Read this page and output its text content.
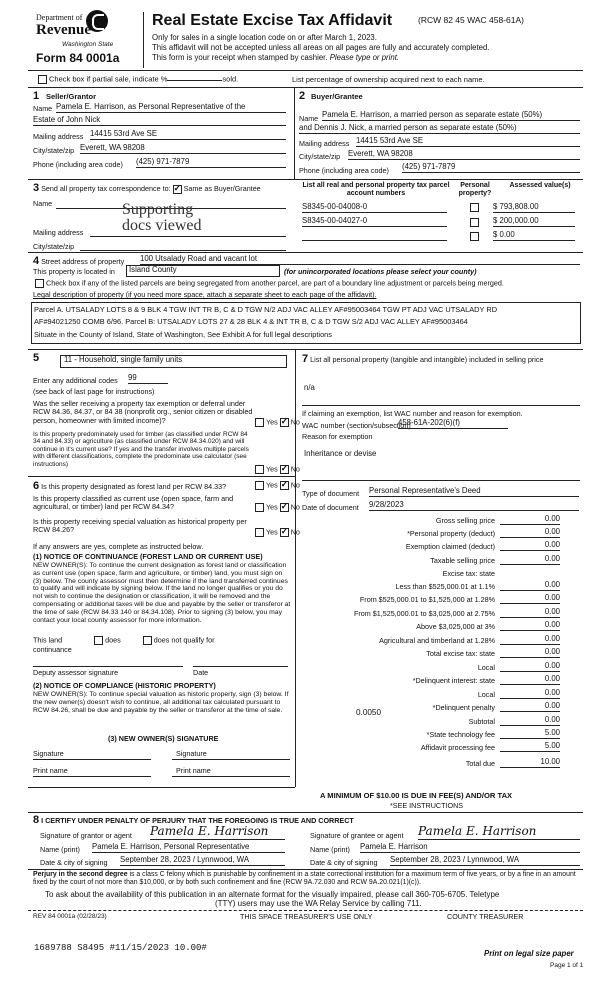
Department of
Revenue
Washington State
Form 84 0001a
Real Estate Excise Tax Affidavit	(RCW 82 45 WAC 458-61A)
Only for sales in a single location code on or after March 1, 2023.
This affidavit will not be accepted unless all areas on all pages are fully and accurately completed.
This form is your receipt when stamped by cashier. Please type or print.
Check box if partial sale, indicate %	sold.	List percentage of ownership acquired next to each name.
1 Seller/Grantor
Name Pamela E. Harrison, as Personal Representative of the
Estate of John Nick
Mailing address 14415 53rd Ave SE
City/state/zip Everett, WA 98208
Phone (including area code) (425) 971-7879
2 Buyer/Grantee
Name Pamela E. Harrison, a married person as separate estate (50%)
and Dennis J. Nick, a married person as separate estate (50%)
Mailing address 14415 53rd Ave SE
City/state/zip Everett, WA 98208
Phone (including area code) (425) 971-7879
3 Send all property tax correspondence to: ✓ Same as Buyer/Grantee
Name	Supporting
docs viewed
Mailing address
City/state/zip
List all real and personal property tax parcel account numbers
Personal property?
Assessed value(s)
S8345-00-04008-0	$ 793,808.00
S8345-00-04027-0	$ 200,000.00
$ 0.00
4 Street address of property 100 Utsalady Road and vacant lot
This property is located in	Island County	(for unincorporated locations please select your county)
Check box if any of the listed parcels are being segregated from another parcel, are part of a boundary line adjustment or parcels being merged.
Legal description of property (if you need more space, attach a separate sheet to each page of the affidavit).
Parcel A. UTSALADY LOTS 8 & 9 BLK 4 TGW INT TR B, C & D TGW N/2 ADJ VAC ALLEY AF#95003464 TGW PT ADJ VAC UTSALADY RD
AF#94021250 COMB 6/96. Parcel B: UTSALADY LOTS 27 & 28 BLK 4 & INT TR B, C & D TGW S/2 ADJ VAC ALLEY AF#95003464
Situate in the County of Island, State of Washington, See Exhibit A for full legal descriptions
5	11 - Household, single family units
Enter any additional codes 99
(see back of last page for instructions)
Was the seller receiving a property tax exemption or deferral under RCW 84.36, 84.37, or 84 38 (nonprofit org., senior citizen or disabled person, homeowner with limited income)?	Yes ✓ No
Is this property predominately used for timber (as classified under RCW 84 34 and 84.33) or agriculture (as classified under RCW 84.34.020) and will continue in it's current use? If yes and the transfer involves multiple parcels with different classifications, complete the predominate use calculator (see instructions)
Yes ✓ No
6 Is this property designated as forest land per RCW 84.33?	Yes ✓ No
Is this property classified as current use (open space, farm and agricultural, or timber) land per RCW 84.34?	Yes ✓ No
Is this property receiving special valuation as historical property per RCW 84.26?	Yes ✓ No
If any answers are yes, complete as instructed below.
(1) NOTICE OF CONTINUANCE (FOREST LAND OR CURRENT USE)
NEW OWNER(S): To continue the current designation as forest land or classification as current use (open space, farm and agriculture, or timber) land, you must sign on (3) below. The county assessor must then determine if the land transferred continues to qualify and will indicate by signing below. If the land no longer qualifies or you do not wish to continue the designation or classification, it will be removed and the compensating or additional taxes will be due and payable by the seller or transferor at the time of sale (RCW 84.33 140 or 84.34.108). Prior to signing (3) below, you may contact your local county assessor for more information.
This land	does	does not qualify for
continuance
Deputy assessor signature	Date
(2) NOTICE OF COMPLIANCE (HISTORIC PROPERTY)
NEW OWNER(S): To continue special valuation as historic property, sign (3) below. If the new owner(s) doesn't wish to continue, all additional tax calculated pursuant to RCW 84.26, shall be due and payable by the seller or transferor at the time of sale.
(3) NEW OWNER(S) SIGNATURE
Signature	Signature
Print name	Print name
7 List all personal property (tangible and intangible) included in selling price
n/a
If claiming an exemption, list WAC number and reason for exemption.
WAC number (section/subsection)
458-61A-202(6)(f)
Reason for exemption
Inheritance or devise
Type of document Personal Representative's Deed
Date of document 9/28/2023
Gross selling price	0.00
*Personal property (deduct)	0.00
Exemption claimed (deduct)	0.00
Taxable selling price	0.00
Excise tax: state
Less than $525,000.01 at 1.1%	0.00
From $525,000.01 to $1,525,000 at 1.28%	0.00
From $1,525,000.01 to $3,025,000 at 2.75%	0.00
Above $3,025,000 at 3%	0.00
Agricultural and timberland at 1.28%	0.00
Total excise tax: state	0.00
Local	0.00
*Delinquent interest: state	0.00
Local	0.00
*Delinquent penalty	0.00
Subtotal	0.00
*State technology fee	5.00
Affidavit processing fee	5.00
Total due	10.00
0.0050
A MINIMUM OF $10.00 IS DUE IN FEE(S) AND/OR TAX
*SEE INSTRUCTIONS
8 I CERTIFY UNDER PENALTY OF PERJURY THAT THE FOREGOING IS TRUE AND CORRECT
Signature of grantor or agent Pamela E. Harrison
Name (print) Pamela E. Harrison, Personal Representative
Date & city of signing September 28, 2023 / Lynnwood, WA
Signature of grantee or agent Pamela E. Harrison
Name (print) Pamela E. Harrison
Date & city of signing September 28, 2023 / Lynnwood, WA
Perjury in the second degree is a class C felony which is punishable by confinement in a state correctional institution for a maximum term of five years, or by a fine in an amount fixed by the court of not more than $10,000, or by both such confinement and fine (RCW 9A.72.030 and RCW 9A.20.021(1)(c)).
To ask about the availability of this publication in an alternate format for the visually impaired, please call 360-705-6705. Teletype
(TTY) users may use the WA Relay Service by calling 711.
REV 84 0001a (02/28/23)	THIS SPACE TREASURER'S USE ONLY	COUNTY TREASURER
1689788 S8495 #11/15/2023 10.00#
Print on legal size paper
Page 1 of 1
